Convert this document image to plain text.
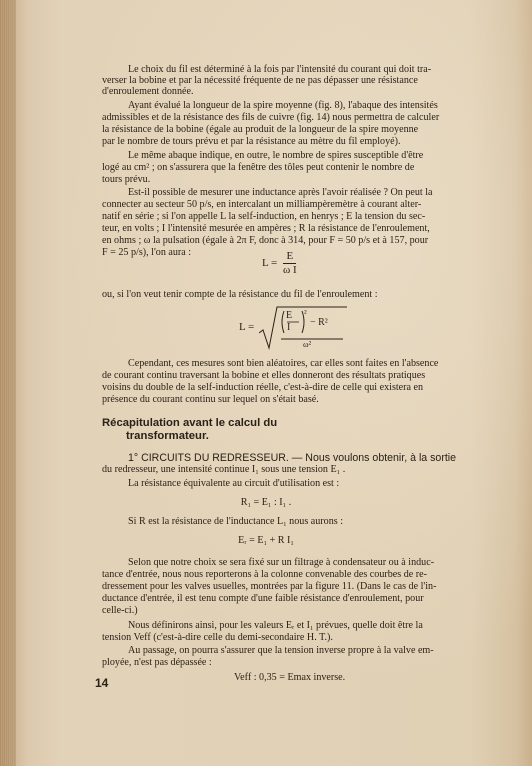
Le choix du fil est déterminé à la fois par l'intensité du courant qui doit tra-
verser la bobine et par la nécessité fréquente de ne pas dépasser une résistance
d'enroulement donnée.
Ayant évalué la longueur de la spire moyenne (fig. 8), l'abaque des intensités
admissibles et de la résistance des fils de cuivre (fig. 14) nous permettra de calculer
la résistance de la bobine (égale au produit de la longueur de la spire moyenne
par le nombre de tours prévu et par la résistance au mètre du fil employé).
Le même abaque indique, en outre, le nombre de spires susceptible d'être
logé au cm² ; on s'assurera que la fenêtre des tôles peut contenir le nombre de
tours prévu.
Est-il possible de mesurer une inductance après l'avoir réalisée ? On peut la
connecter au secteur 50 p/s, en intercalant un milliampèremètre à courant alter-
natif en série ; si l'on appelle L la self-induction, en henrys ; E la tension du sec-
teur, en volts ; I l'intensité mesurée en ampères ; R la résistance de l'enroulement,
en ohms ; ω la pulsation (égale à 2π F, donc à 314, pour F = 50 p/s et à 157, pour
F = 25 p/s), l'on aura :
$L = \frac{E}{\text{ω I}}$
ou, si l'on veut tenir compte de la résistance du fil de l'enroulement :
L =
E
I
²
− R²
ω²
Cependant, ces mesures sont bien aléatoires, car elles sont faites en l'absence
de courant continu traversant la bobine et elles donneront des résultats pratiques
voisins du double de la self-induction réelle, c'est-à-dire de celle qui existera en
présence du courant continu sur lequel on s'était basé.
Récapitulation avant le calcul du
transformateur.
1° CIRCUITS DU REDRESSEUR. — Nous voulons obtenir, à la sortie
du redresseur, une intensité continue I₁ sous une tension E₁ .
La résistance équivalente au circuit d'utilisation est :
R₁ = E₁ : I₁ .
Si R est la résistance de l'inductance L₁ nous aurons :
Eᵣ = E₁ + R I₁
Selon que notre choix se sera fixé sur un filtrage à condensateur ou à induc-
tance d'entrée, nous nous reporterons à la colonne convenable des courbes de re-
dressement pour les valves usuelles, montrées par la figure 11. (Dans le cas de l'in-
ductance d'entrée, il est tenu compte d'une faible résistance d'enroulement, pour
celle-ci.)
Nous définirons ainsi, pour les valeurs Eᵣ et I₁ prévues, quelle doit être la
tension Veff (c'est-à-dire celle du demi-secondaire H. T.).
Au passage, on pourra s'assurer que la tension inverse propre à la valve em-
ployée, n'est pas dépassée :
Veff : 0,35 = Emax inverse.
14
